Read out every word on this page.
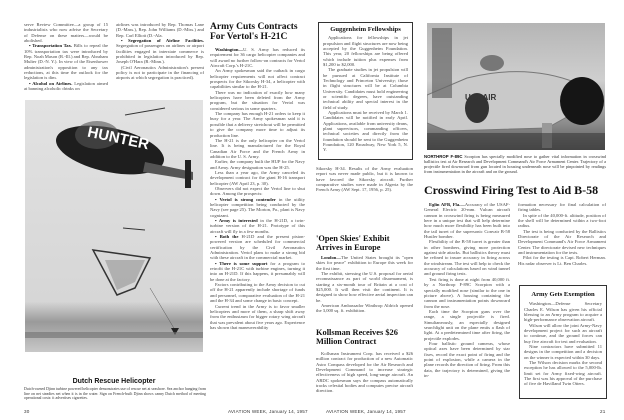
serve Review Committee—a group of 15 industrialists who now advise the Secretary of Defense on these matters—would be abolished.

• Transportation Tax. Bills to repeal the 10% transportation tax were introduced by Rep. Noah Mason (R.-Ill.) and Rep. Abraham Multer (D.-N. Y.). In view of the Eisenhower administration's opposition to any tax reductions, at this time the outlook for the legislation is dim.

• Alcohol on Airlines. Legislation aimed at banning alcoholic drinks on

airlines was introduced by Rep. Thomas Lane (D.-Mass.), Rep. John Williams (D.-Miss.) and Rep. Carl Elliott (D.-Ala.

• Segregation of Airline Facilities. Segregation of passengers on airlines or airport facilities engaged in interstate commerce is prohibited in legislation introduced by Rep. Joseph O'Hara (R.-Minn.).

(Civil Aeronautics Administration's present policy is not to participate in the financing of airports at which segregation is practiced).

HUNTER
Dutch Rescue Helicopter
Dutch-owned Djinn turbine powered helicopter demonstrates use of rescue net at seashore. Sea anchor hanging from line on net steadies net when it is in the water. Sign on French-built Djinn shows canny Dutch method of meeting operational costs: it advertises cigarettes.
30	AVIATION WEEK, January 14, 1957
Army Cuts Contracts For Vertol's H-21C

Washington—U. S. Army has reduced its requirement for 36 cargo helicopter companies and will award no further follow-on contracts for Vertol Aircraft Corp.'s H-21C.

An Army spokesman said the cutback in cargo helicopter requirements will not affect contract prospects for the Sikorsky H-34, a helicopter with capabilities similar to the H-21.

There was no indication of exactly how many helicopters have been deleted from the Army program, but the situation for Vertol was considered serious in some quarters.

The company has enough H-21 orders to keep it busy for a year. The Army spokesman said it is possible that a delivery stretchout will be permitted to give the company more time to adjust its production line.

The H-21 is the only helicopter on the Vertol line. It is being manufactured for the Royal Canadian Air Force and the French Army in addition to the U. S. Army.

Earlier, the company built the HUP for the Navy and Army. Army designation was the H-25.

Less than a year ago, the Army canceled its development contract for the giant H-16 transport helicopter (AW April 23, p. 30).

Observers did not expect the Vertol line to shut down. Among the prospects:

• Vertol is strong contender in the utility helicopter competition being conducted by the Navy (see page 25). The Morton, Pa., plant is Navy cognizant.

• Army is interested in the H-21D, a twin-turbine version of the H-21. Prototype of this aircraft will fly in a few months.

• Both the H-21D and the present piston-powered version are scheduled for commercial certification by the Civil Aeronautics Administration. Vertol plans to make a strong bid with these aircraft in the commercial market.

• There is some support for a program to retrofit the H-21C with turbine engines, turning it into an H-21D. If this happens, it presumably will be done at the factory.

Factors contributing to the Army decision to cut off the H-21 apparently include shortage of funds and personnel, comparative evaluation of the H-21 and the H-34 and some change in basic concept.

Current trend in the Army is to favor smaller helicopters and more of them, a sharp shift away from the enthusiasm for bigger rotary wing aircraft that was prevalent about five years ago. Experience has shown that maneuverability

Guggenheim Fellowships

Applications for fellowships in jet propulsion and flight structures are now being accepted by the Guggenheim Foundation. This year, 20 fellowships are being offered which include tuition plus expenses from $1,200 to $2,000.

The graduate studies in jet propulsion will be pursued at California Institute of Technology and Princeton University; those in flight structures will be at Columbia University. Candidates must hold engineering or scientific degrees, have outstanding technical ability and special interest in the field of study.

Applications must be received by March 1. Candidates will be notified in early April. Applications, available from university deans, plant supervisors, commanding officers, technical societies and directly from the foundation should be sent to the Guggenheim Foundation, 120 Broadway, New York 5, N. Y.

Sikorsky H-34. Results of the Army evaluation report was never made public, but it is known to have favored the Sikorsky aircraft. Further comparative studies were made in Algeria by the French Army (AW Sept. 17, 1956, p. 25).

'Open Skies' Exhibit Arrives in Europe

London—The United States brought its "open skies for peace" exhibition to Europe this week for the first time.

The exhibit, stressing the U.S. proposal for aerial reconnaissance as part of world disarmament, is starting a six-month tour of Britain at a cost of $25,000. It will then visit the continent. It is designed to show how effective aerial inspection can be.

American Ambassador Winthrop Aldrich opened the 3,000 sq. ft. exhibition.

Kollsman Receives $26 Million Contract

Kollsman Instrument Corp. has received a $26 million contract for production of a new Automatic Astro Compass developed for the Air Research and Development Command to increase strategic effectiveness of high speed, long-range aircraft. An ARDC spokesman says the compass automatically tracks celestial bodies and computes precise aircraft direction.

AVIATION WEEK, January 14, 1957
U.S. AIR
NORTHROP F-89C Scorpion has specially modified nose to gather vital information in crosswind ballistics test at Air Research and Development Command's Air Force Armament Center. Trajectory of a projectile fired downward from gun located in housing underneath nose will be pinpointed by readings from instrumentation in the aircraft and on the ground.
Crosswind Firing Test to Aid B-58

Eglin AFB, Fla.—Accuracy of the USAF-General Electric 20-mm. Vulcan aircraft cannon in crosswind firing is being measured here in a unique test that will help determine how much more flexibility has been built into the tail turret of the supersonic Convair B-58 Hustler bomber.

Flexibility of the B-58 turret is greater than in other bombers, giving more protection against side attacks. But ballistics theory must be refined to insure accuracy in firing across the windstream. The test will help to check the accuracy of calculations based on wind tunnel and ground firing tests.

Test firing is done at night from 40,000 ft. by a Northrop F-89C Scorpion with a specially modified nose (similar to the one in picture above). A housing containing the cannon and instrumentation points downward from the nose.

Each time the Scorpion guns over the range, a single projectile is fired. Simultaneously, an especially designed searchlight unit on the plane emits a flash of light. At a predetermined time after firing, the projectile explodes.

Four ballistic ground cameras, whose optical axes have been determined by star fixes, record the exact point of firing and the point of explosion, while a camera in the plane records the direction of firing. From this data, the trajectory is determined, giving the in-

formation necessary for final calculation of firing tables.

In spite of the 40,000-ft. altitude, position of the shell will be determined within a two-foot radius.

The test is being conducted by the Ballistics Directorate of the Air Research and Development Command's Air Force Armament Center. The directorate devised new techniques and instrumentation for the tests.

Pilot for the testing is Capt. Robert Herman. His radar observer is Lt. Ben Charles.

Army Gets Exemption

Washington—Defense Secretary Charles E. Wilson has given his official blessing to an Army program to acquire a high-performance observation aircraft.

Wilson will allow the joint Army-Navy development project for such an aircraft to continue, and the ground forces can buy five aircraft for test and evaluation.

Nine contractors have submitted 11 designs in the competition and a decision on the winner is expected within 30 days.

The Wilson decision marks the second exception he has allowed to the 5,000-lb. limit set for Army fixed-wing aircraft. The first was his approval of the purchase of five de Havilland Twin Otters.

21
